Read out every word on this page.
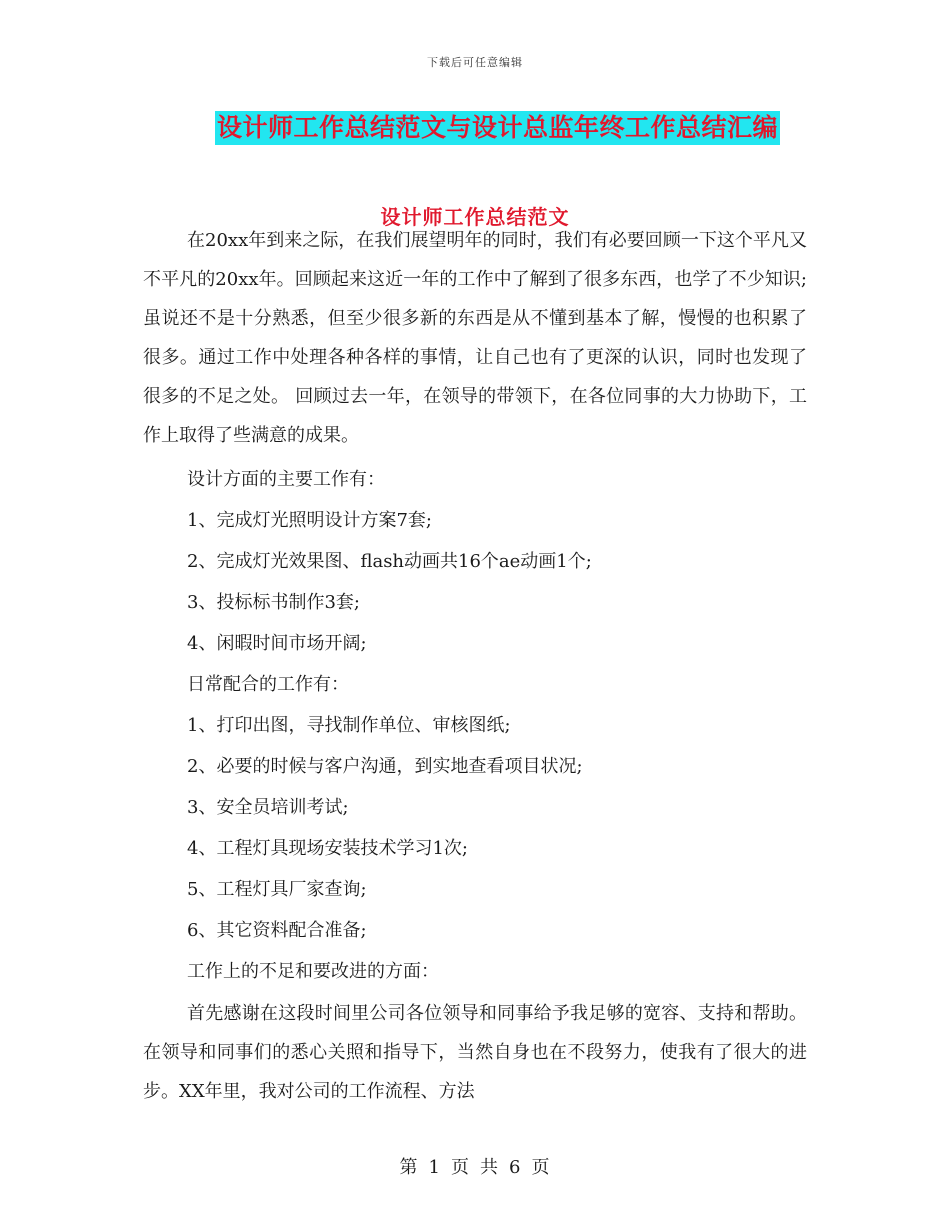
下载后可任意编辑
设计师工作总结范文与设计总监年终工作总结汇编
设计师工作总结范文

在20xx年到来之际，在我们展望明年的同时，我们有必要回顾一下这个平凡又不平凡的20xx年。回顾起来这近一年的工作中了解到了很多东西，也学了不少知识;虽说还不是十分熟悉，但至少很多新的东西是从不懂到基本了解，慢慢的也积累了很多。通过工作中处理各种各样的事情，让自己也有了更深的认识，同时也发现了很多的不足之处。 回顾过去一年，在领导的带领下，在各位同事的大力协助下，工作上取得了些满意的成果。

设计方面的主要工作有：
1、完成灯光照明设计方案7套;
2、完成灯光效果图、flash动画共16个ae动画1个;
3、投标标书制作3套;
4、闲暇时间市场开阔;
日常配合的工作有：
1、打印出图，寻找制作单位、审核图纸;
2、必要的时候与客户沟通，到实地查看项目状况;
3、安全员培训考试;
4、工程灯具现场安装技术学习1次;
5、工程灯具厂家查询;
6、其它资料配合准备;
工作上的不足和要改进的方面：

首先感谢在这段时间里公司各位领导和同事给予我足够的宽容、支持和帮助。在领导和同事们的悉心关照和指导下，当然自身也在不段努力，使我有了很大的进步。XX年里，我对公司的工作流程、方法

第 1 页 共 6 页
